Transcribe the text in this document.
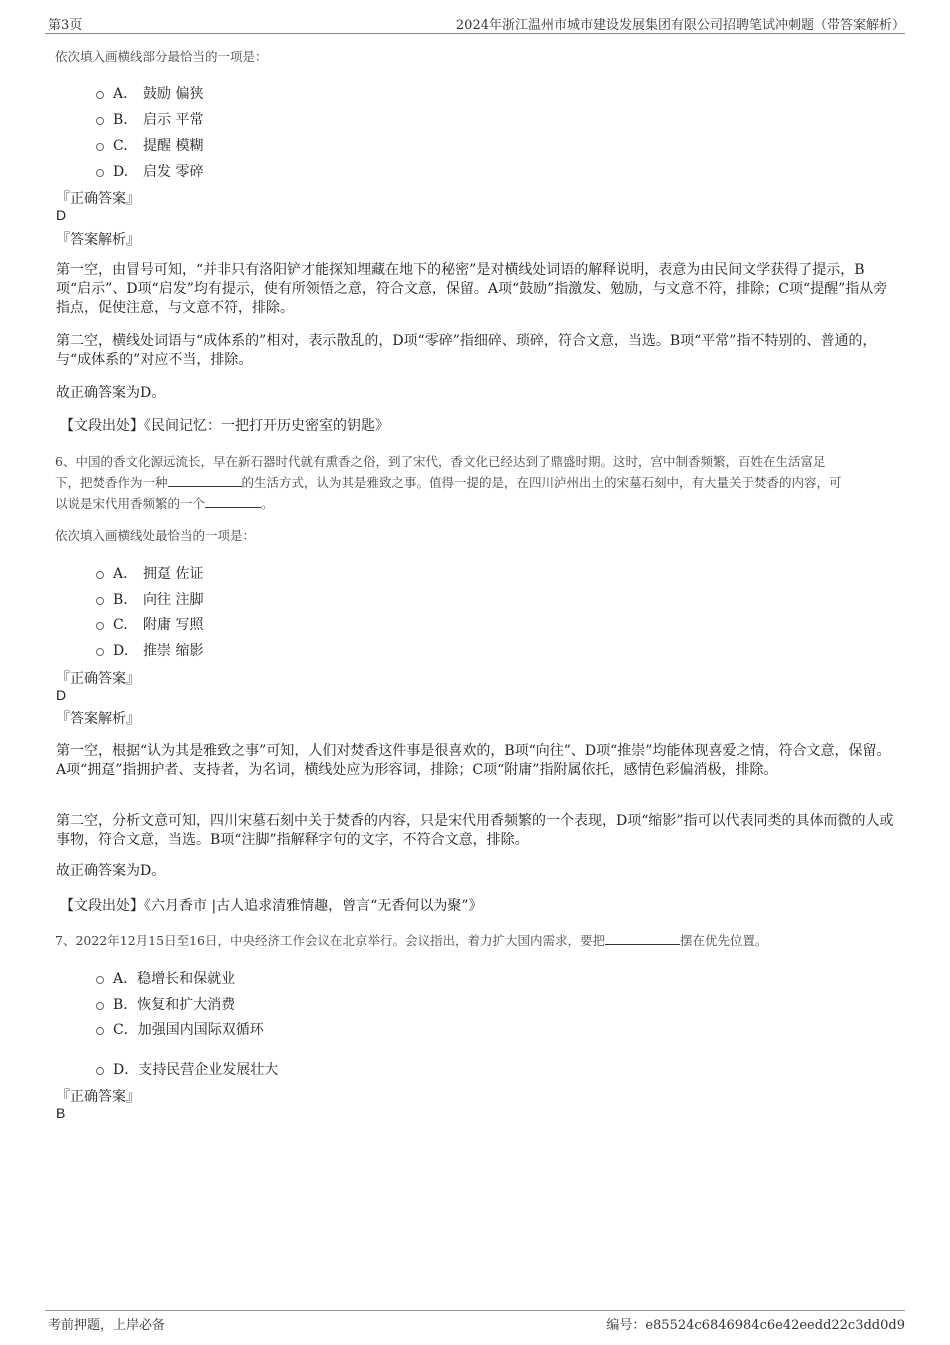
第3页	2024年浙江温州市城市建设发展集团有限公司招聘笔试冲刺题（带答案解析）
依次填入画横线部分最恰当的一项是：
A． 鼓励 偏狭
B. 启示 平常
C. 提醒 模糊
D. 启发 零碎
『正确答案』
D
『答案解析』
第一空，由冒号可知，“并非只有洛阳铲才能探知埋藏在地下的秘密”是对横线处词语的解释说明，表意为由民间文学获得了提示，B项“启示”、D项“启发”均有提示，使有所领悟之意，符合文意，保留。A项“鼓励”指激发、勉励，与文意不符，排除；C项“提醒”指从旁指点，促使注意，与文意不符，排除。
第二空，横线处词语与“成体系的”相对，表示散乱的，D项“零碎”指细碎、琐碎，符合文意，当选。B项“平常”指不特别的、普通的，与“成体系的”对应不当，排除。
故正确答案为D。
【文段出处】《民间记忆：一把打开历史密室的钥匙》
6、中国的香文化源远流长，早在新石器时代就有熏香之俗，到了宋代，香文化已经达到了鼎盛时期。这时，宫中制香频繁，百姓在生活富足
下，把焚香作为一种	的生活方式，认为其是雅致之事。值得一提的是，在四川泸州出土的宋墓石刻中，有大量关于焚香的内容，可
以说是宋代用香频繁的一个	。
依次填入画横线处最恰当的一项是：
A． 拥趸 佐证
B. 向往 注脚
C. 附庸 写照
D. 推崇 缩影
『正确答案』
D
『答案解析』
第一空，根据“认为其是雅致之事”可知，人们对焚香这件事是很喜欢的，B项“向往”、D项“推崇”均能体现喜爱之情，符合文意，保留。A项“拥趸”指拥护者、支持者，为名词，横线处应为形容词，排除；C项“附庸”指附属依托，感情色彩偏消极，排除。
第二空，分析文意可知，四川宋墓石刻中关于焚香的内容，只是宋代用香频繁的一个表现，D项“缩影”指可以代表同类的具体而微的人或事物，符合文意，当选。B项“注脚”指解释字句的文字，不符合文意，排除。
故正确答案为D。
【文段出处】《六月香市 |古人追求清雅情趣，曾言“无香何以为聚”》
7、2022年12月15日至16日，中央经济工作会议在北京举行。会议指出，着力扩大国内需求，要把	摆在优先位置。
A．稳增长和保就业
B．恢复和扩大消费
C．加强国内国际双循环
D．支持民营企业发展壮大
『正确答案』
B
考前押题，上岸必备	编号：e85524c6846984c6e42eedd22c3dd0d9
